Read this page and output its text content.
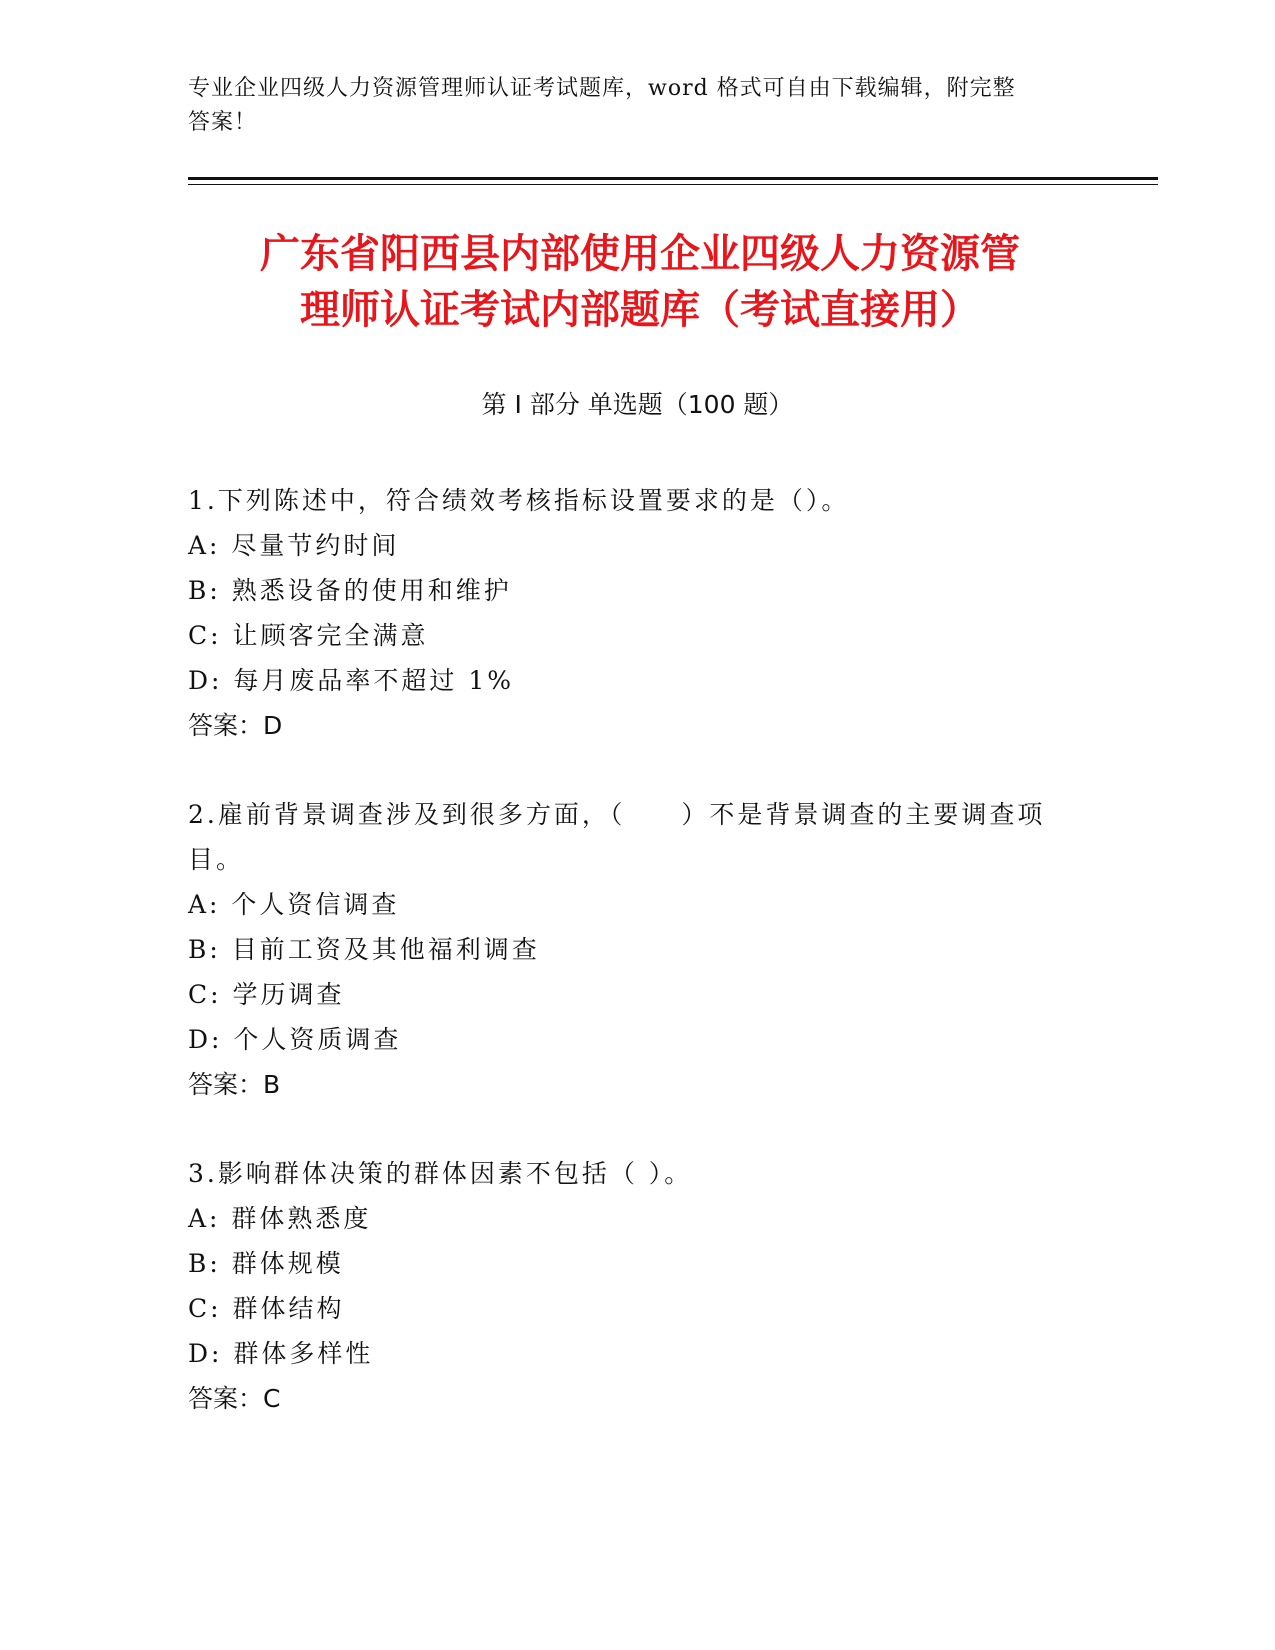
专业企业四级人力资源管理师认证考试题库，word 格式可自由下载编辑，附完整
答案！
广东省阳西县内部使用企业四级人力资源管
理师认证考试内部题库（考试直接用）
第 I 部分 单选题（100 题）

1.下列陈述中，符合绩效考核指标设置要求的是（）。

A: 尽量节约时间
B: 熟悉设备的使用和维护
C: 让顾客完全满意
D: 每月废品率不超过 1%
答案：D

2.雇前背景调查涉及到很多方面，（　　）不是背景调查的主要调查项目。

A: 个人资信调查
B: 目前工资及其他福利调查
C: 学历调查
D: 个人资质调查
答案：B

3.影响群体决策的群体因素不包括（ ）。

A: 群体熟悉度
B: 群体规模
C: 群体结构
D: 群体多样性
答案：C
